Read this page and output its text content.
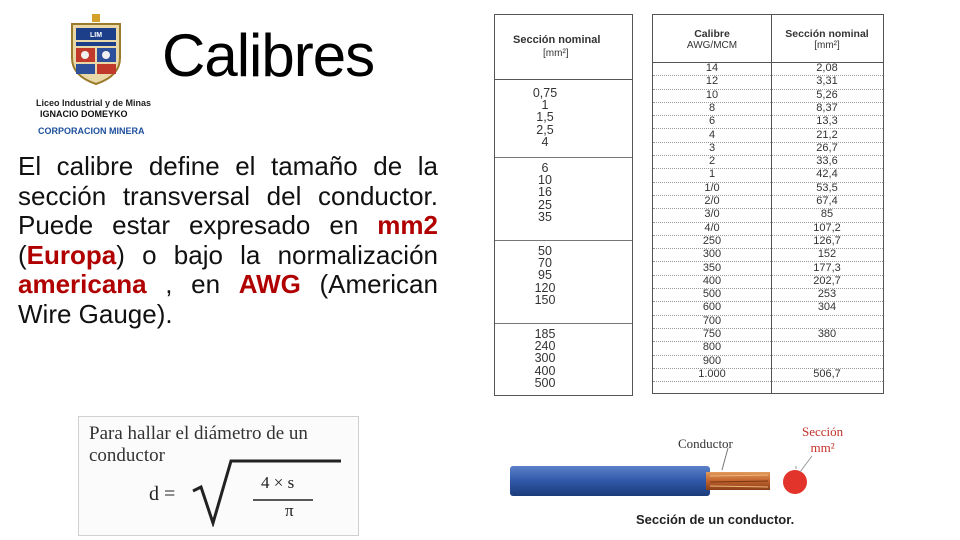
LIM
Liceo Industrial y de Minas
IGNACIO DOMEYKO
CORPORACION MINERA
Calibres
El calibre define el tamaño de la sección transversal del conductor. Puede estar expresado en mm2 (Europa) o bajo la normalización americana , en AWG (American Wire Gauge).
Para hallar el diámetro de un conductor
d =
4 × s
π
Sección nominal
[mm²]
0,75
1
1,5
2,5
4
6
10
16
25
35
50
70
95
120
150
185
240
300
400
500
Calibre
AWG/MCM
Sección nominal
[mm²]
14	2,08
12	3,31
10	5,26
8	8,37
6	13,3
4	21,2
3	26,7
2	33,6
1	42,4
1/0	53,5
2/0	67,4
3/0	85
4/0	107,2
250	126,7
300	152
350	177,3
400	202,7
500	253
600	304
700
750	380
800
900
1.000	506,7
Conductor
Sección
mm²
Sección de un conductor.
